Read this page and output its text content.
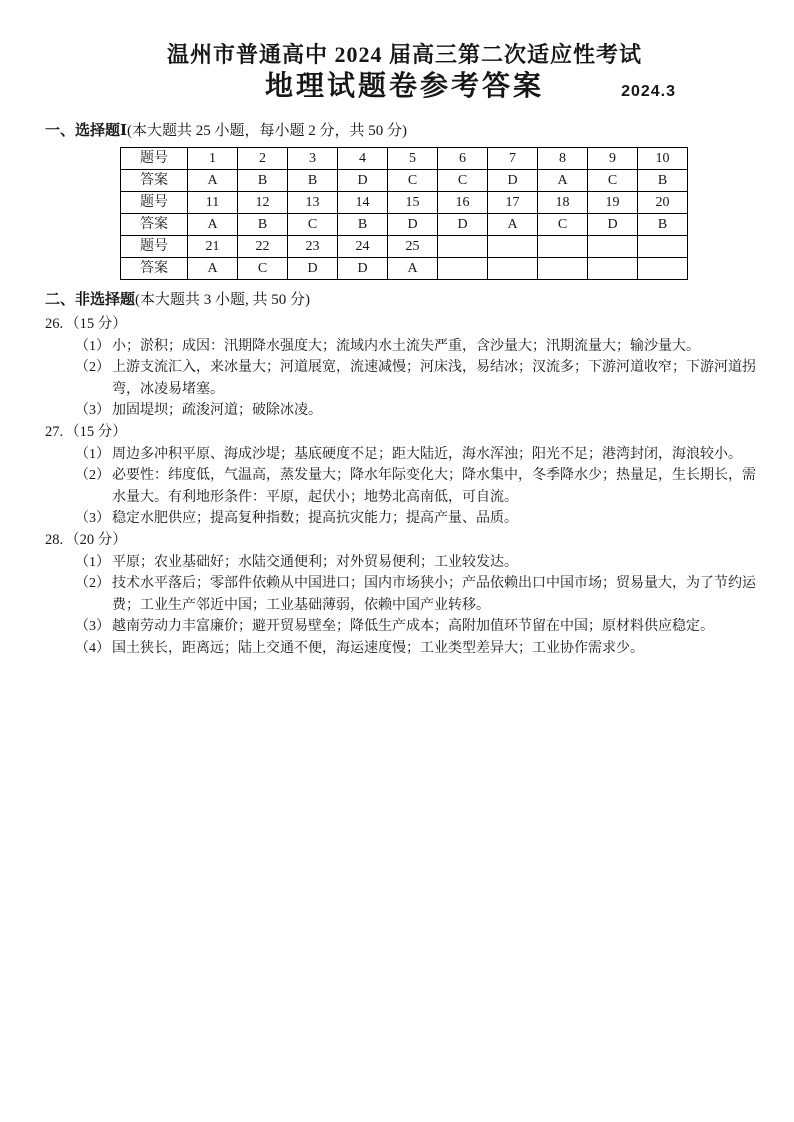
温州市普通高中 2024 届高三第二次适应性考试
地理试题卷参考答案	2024.3
一、选择题Ⅰ(本大题共 25 小题，每小题 2 分，共 50 分)
题号	1	2	3	4	5	6	7	8	9	10
答案	A	B	B	D	C	C	D	A	C	B
题号	11	12	13	14	15	16	17	18	19	20
答案	A	B	C	B	D	D	A	C	D	B
题号	21	22	23	24	25					
答案	A	C	D	D	A					
二、非选择题(本大题共 3 小题, 共 50 分)
26. （15 分）
（1） 小；淤积；成因：汛期降水强度大；流域内水土流失严重，含沙量大；汛期流量大；输沙量大。
（2） 上游支流汇入，来冰量大；河道展宽，流速减慢；河床浅，易结冰；汊流多；下游河道收窄；下游河道拐弯，冰凌易堵塞。
（3） 加固堤坝；疏浚河道；破除冰凌。
27. （15 分）
（1） 周边多冲积平原、海成沙堤；基底硬度不足；距大陆近，海水浑浊；阳光不足；港湾封闭，海浪较小。
（2） 必要性：纬度低，气温高，蒸发量大；降水年际变化大；降水集中，冬季降水少；热量足，生长期长，需水量大。有利地形条件：平原，起伏小；地势北高南低，可自流。
（3） 稳定水肥供应；提高复种指数；提高抗灾能力；提高产量、品质。
28. （20 分）
（1） 平原；农业基础好；水陆交通便利；对外贸易便利；工业较发达。
（2） 技术水平落后；零部件依赖从中国进口；国内市场狭小；产品依赖出口中国市场；贸易量大，为了节约运费；工业生产邻近中国；工业基础薄弱，依赖中国产业转移。
（3） 越南劳动力丰富廉价；避开贸易壁垒；降低生产成本；高附加值环节留在中国；原材料供应稳定。
（4） 国土狭长，距离远；陆上交通不便，海运速度慢；工业类型差异大；工业协作需求少。
